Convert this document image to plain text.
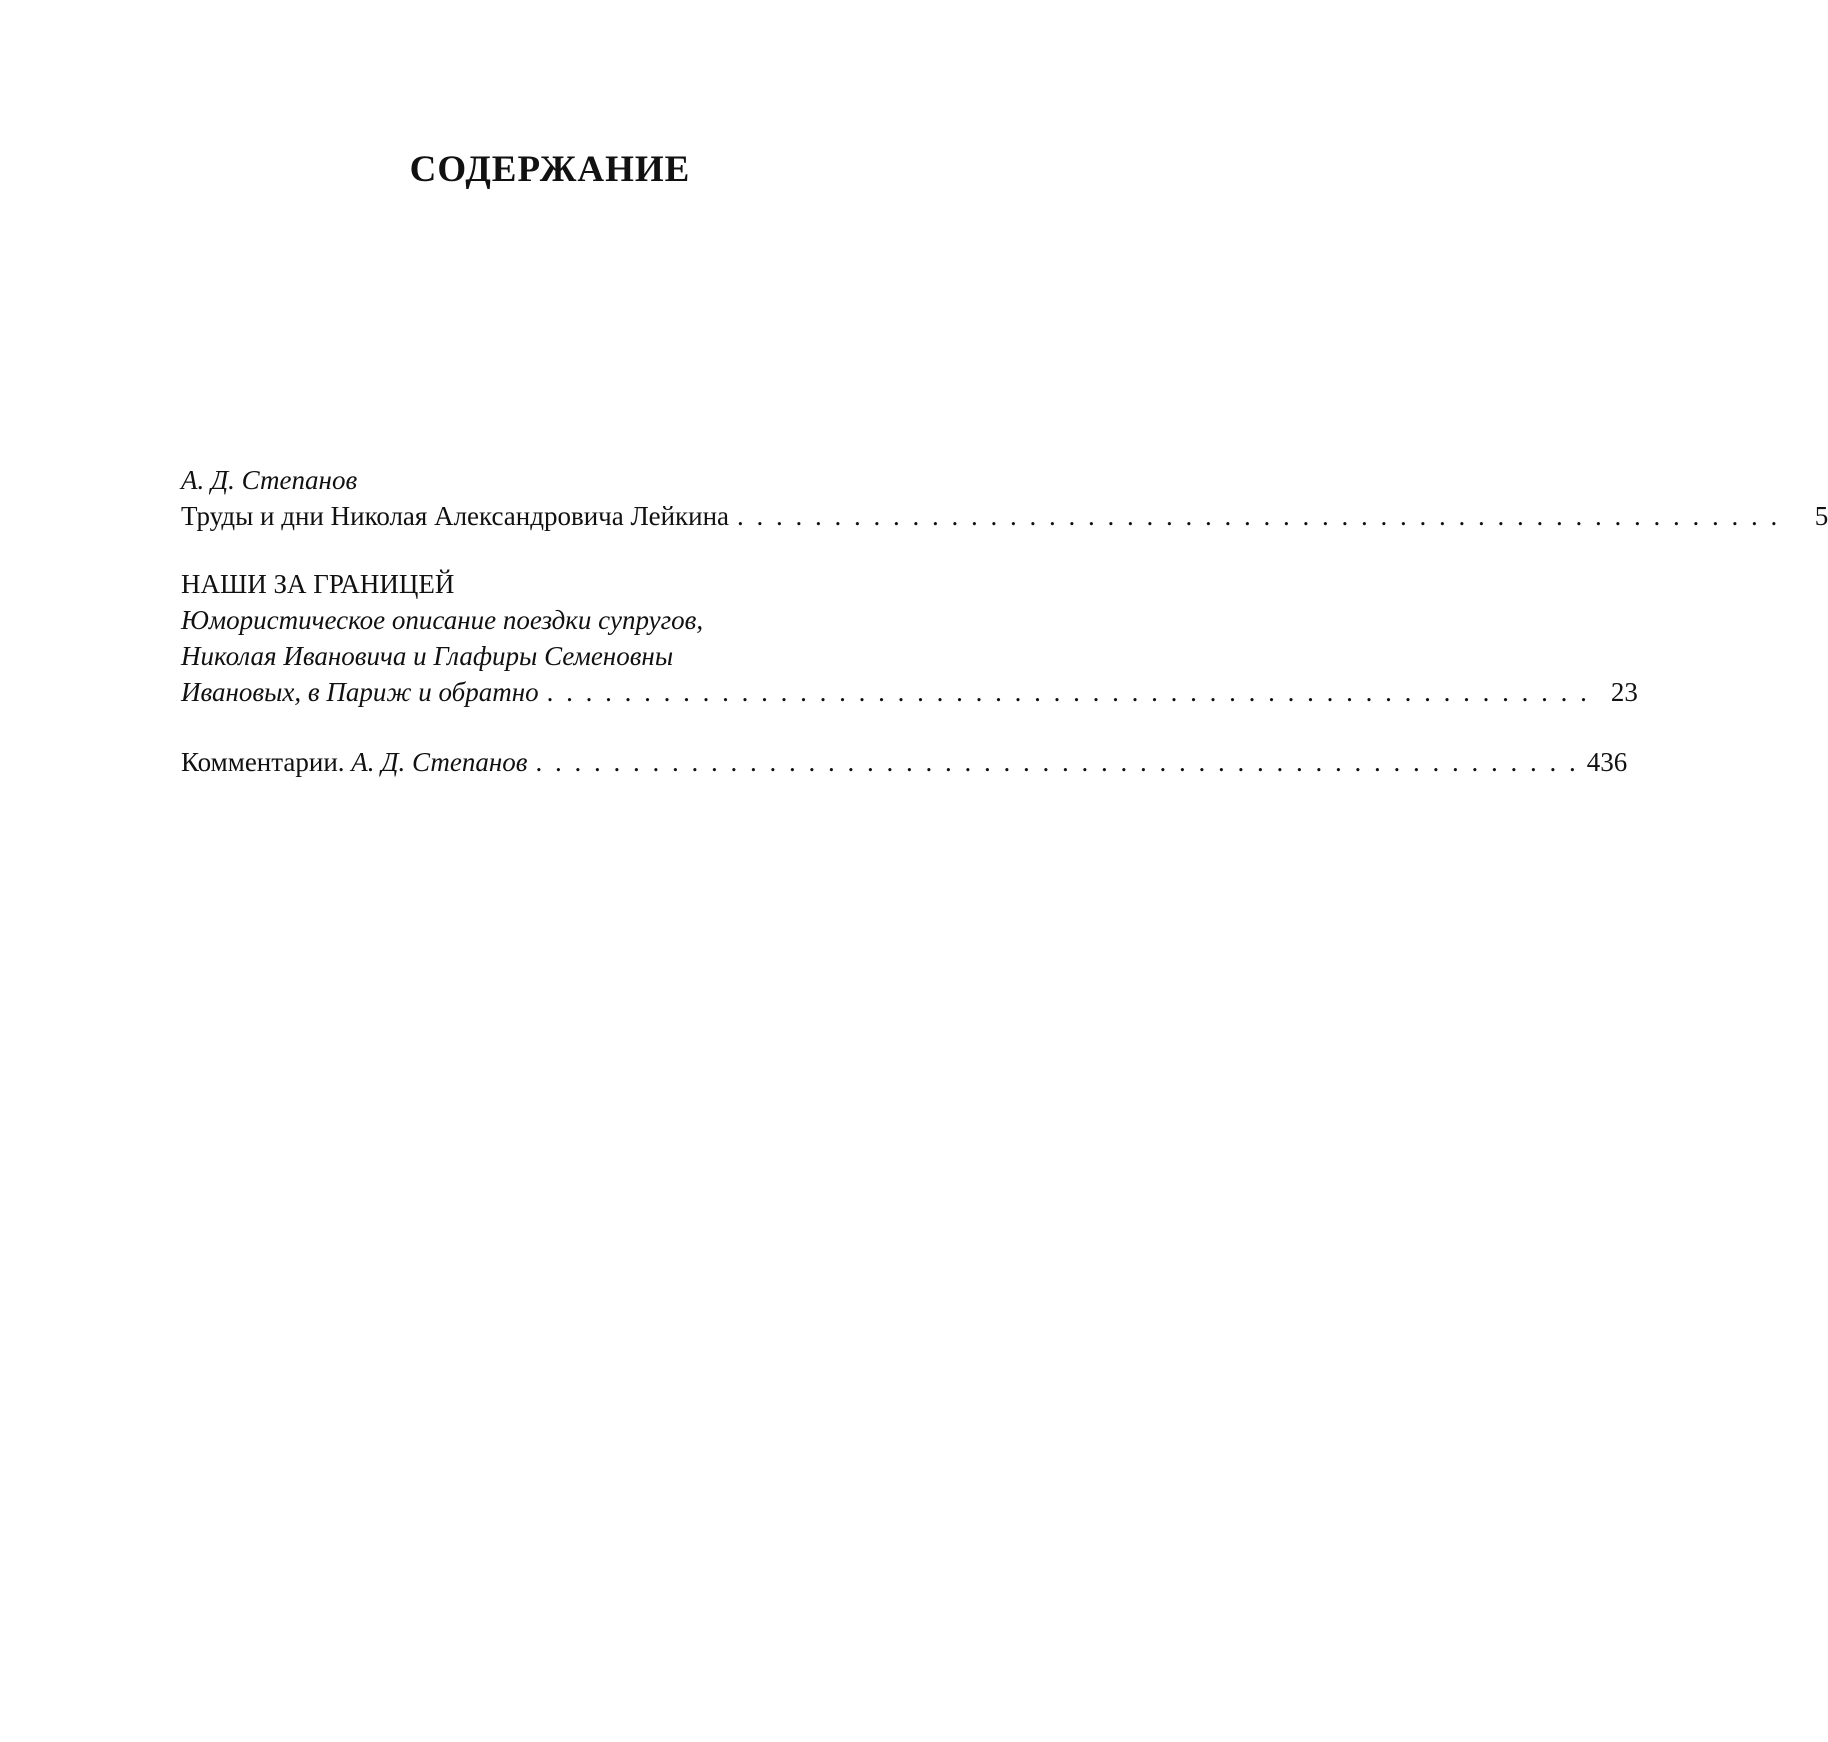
СОДЕРЖАНИЕ
А. Д. Степанов
Труды и дни Николая Александровича Лейкина . . . . . . . . . . . . . . . . . . . . . . . . . . . . . . . . . . . . . . . . . . . . . . . . . . . . . .	5
НАШИ ЗА ГРАНИЦЕЙ
Юмористическое описание поездки супругов,
Николая Ивановича и Глафиры Семеновны
Ивановых, в Париж и обратно . . . . . . . . . . . . . . . . . . . . . . . . . . . . . . . . . . . . . . . . . . . . . . . . . . . . . . 23
Комментарии.
А. Д. Степанов . . . . . . . . . . . . . . . . . . . . . . . . . . . . . . . . . . . . . . . . . . . . . . . . . . . . . . 436
